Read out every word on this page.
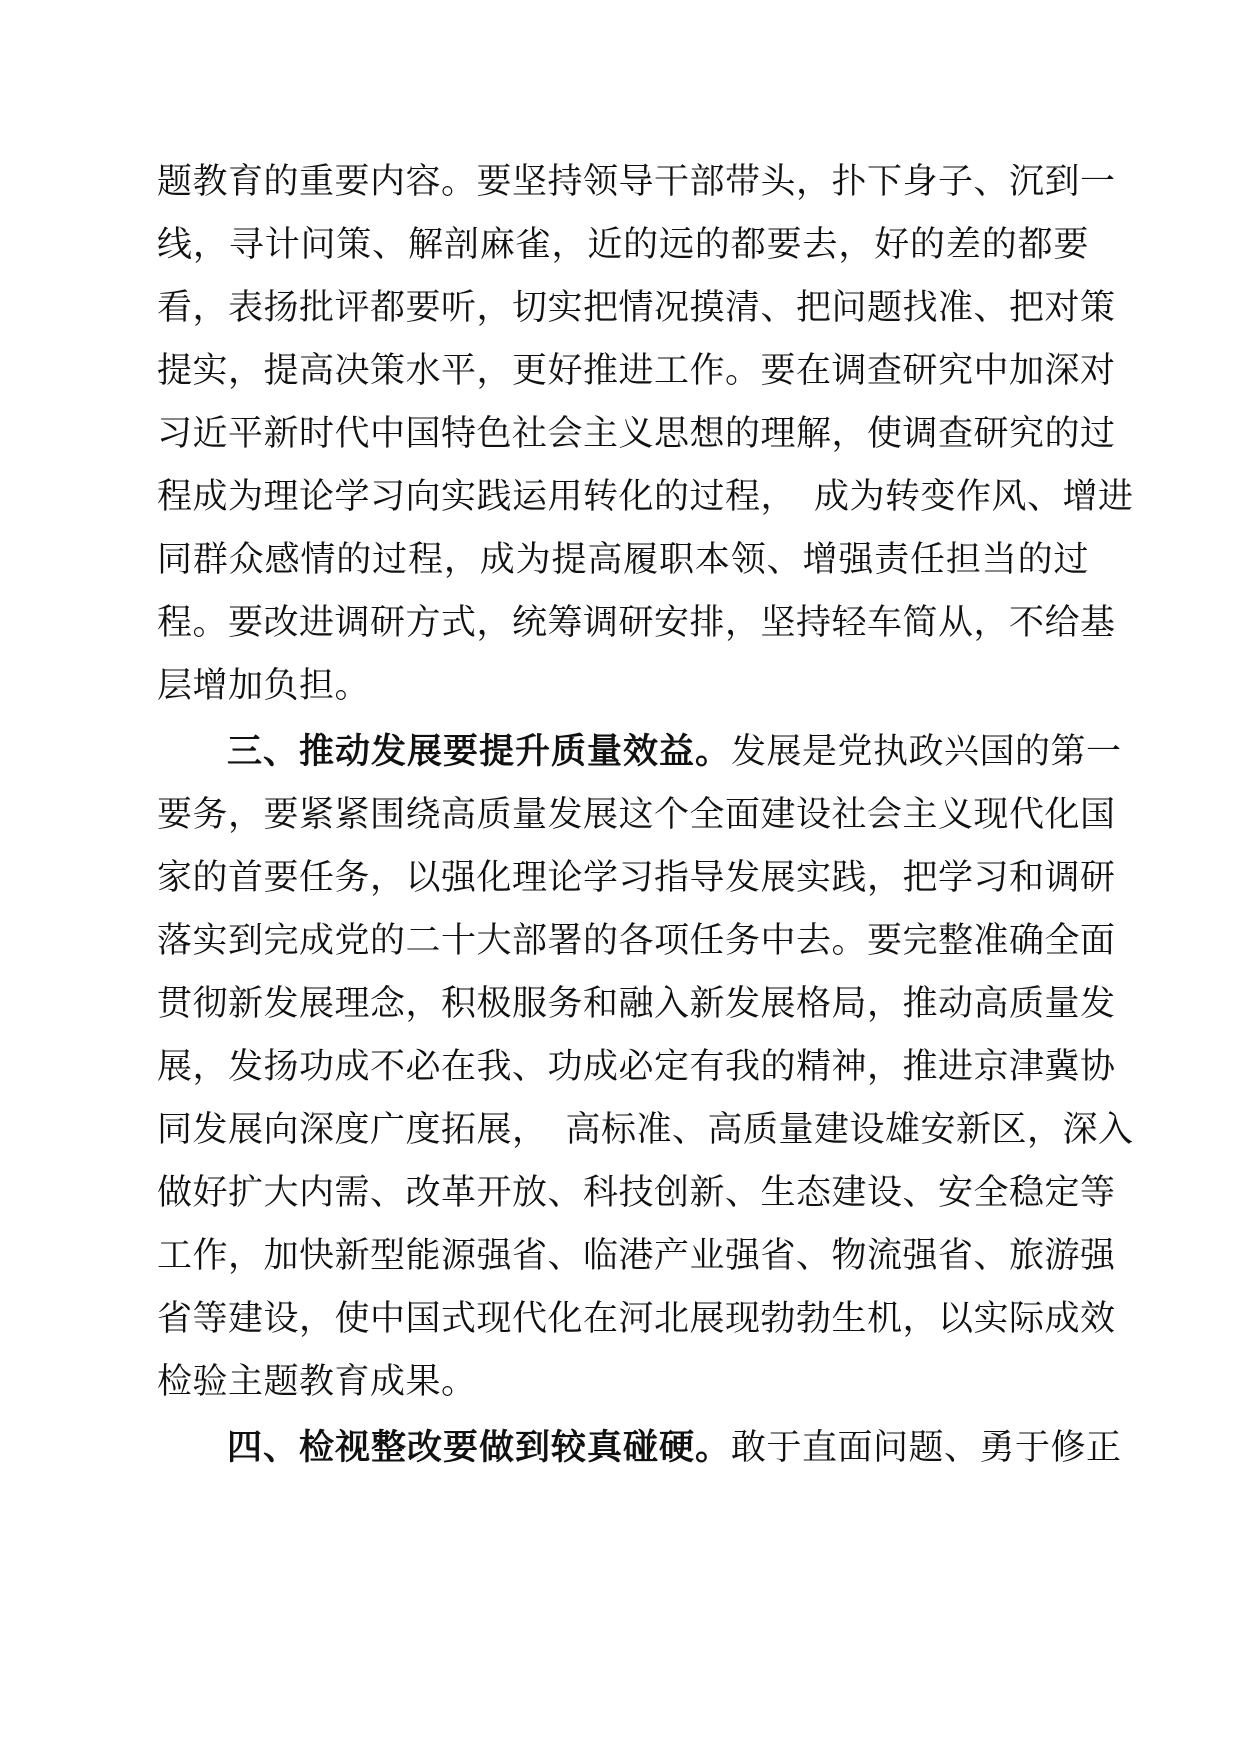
题教育的重要内容。要坚持领导干部带头，扑下身子、沉到一
线，寻计问策、解剖麻雀，近的远的都要去，好的差的都要
看，表扬批评都要听，切实把情况摸清、把问题找准、把对策
提实，提高决策水平，更好推进工作。要在调查研究中加深对
习近平新时代中国特色社会主义思想的理解，使调查研究的过
程成为理论学习向实践运用转化的过程，　成为转变作风、增进
同群众感情的过程，成为提高履职本领、增强责任担当的过
程。要改进调研方式，统筹调研安排，坚持轻车简从，不给基
层增加负担。
三、推动发展要提升质量效益。发展是党执政兴国的第一
要务，要紧紧围绕高质量发展这个全面建设社会主义现代化国
家的首要任务，以强化理论学习指导发展实践，把学习和调研
落实到完成党的二十大部署的各项任务中去。要完整准确全面
贯彻新发展理念，积极服务和融入新发展格局，推动高质量发
展，发扬功成不必在我、功成必定有我的精神，推进京津冀协
同发展向深度广度拓展，　高标准、高质量建设雄安新区，深入
做好扩大内需、改革开放、科技创新、生态建设、安全稳定等
工作，加快新型能源强省、临港产业强省、物流强省、旅游强
省等建设，使中国式现代化在河北展现勃勃生机，以实际成效
检验主题教育成果。
四、检视整改要做到较真碰硬。敢于直面问题、勇于修正
